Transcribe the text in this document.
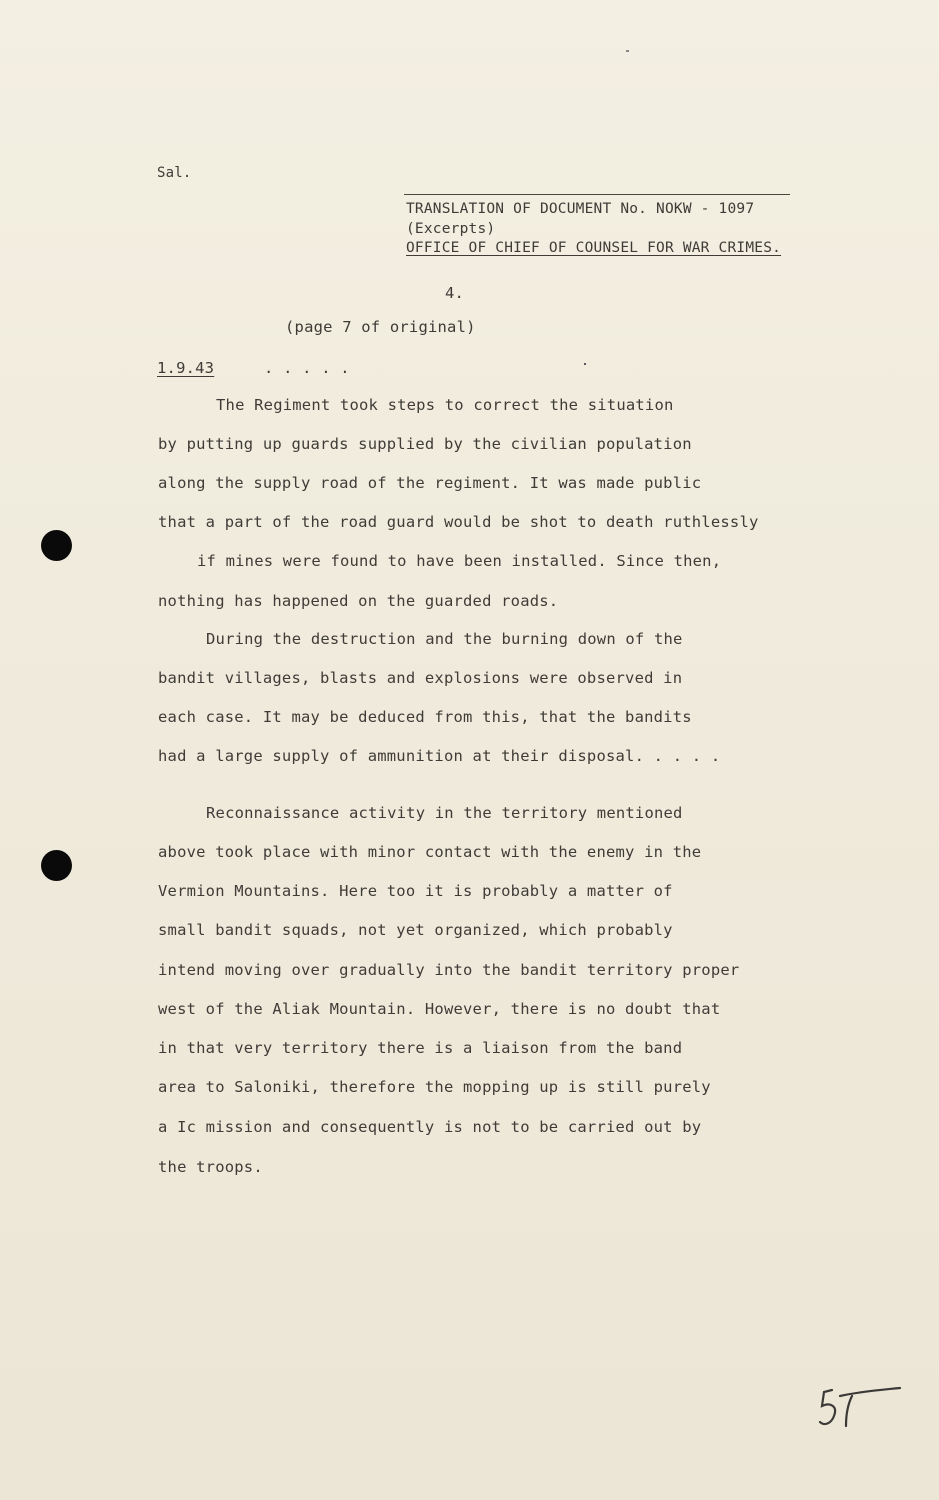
Sal.
TRANSLATION OF DOCUMENT No. NOKW - 1097
(Excerpts)
OFFICE OF CHIEF OF COUNSEL FOR WAR CRIMES.
4.
(page 7 of original)
1.9.43	. . . . .
The Regiment took steps to correct the situation
by putting up guards supplied by the civilian population
along the supply road of the regiment. It was made public
that a part of the road guard would be shot to death ruthlessly
if mines were found to have been installed. Since then,
nothing has happened on the guarded roads.
During the destruction and the burning down of the
bandit villages, blasts and explosions were observed in
each case. It may be deduced from this, that the bandits
had a large supply of ammunition at their disposal. . . . .
Reconnaissance activity in the territory mentioned
above took place with minor contact with the enemy in the
Vermion Mountains. Here too it is probably a matter of
small bandit squads, not yet organized, which probably
intend moving over gradually into the bandit territory proper
west of the Aliak Mountain. However, there is no doubt that
in that very territory there is a liaison from the band
area to Saloniki, therefore the mopping up is still purely
a Ic mission and consequently is not to be carried out by
the troops.
